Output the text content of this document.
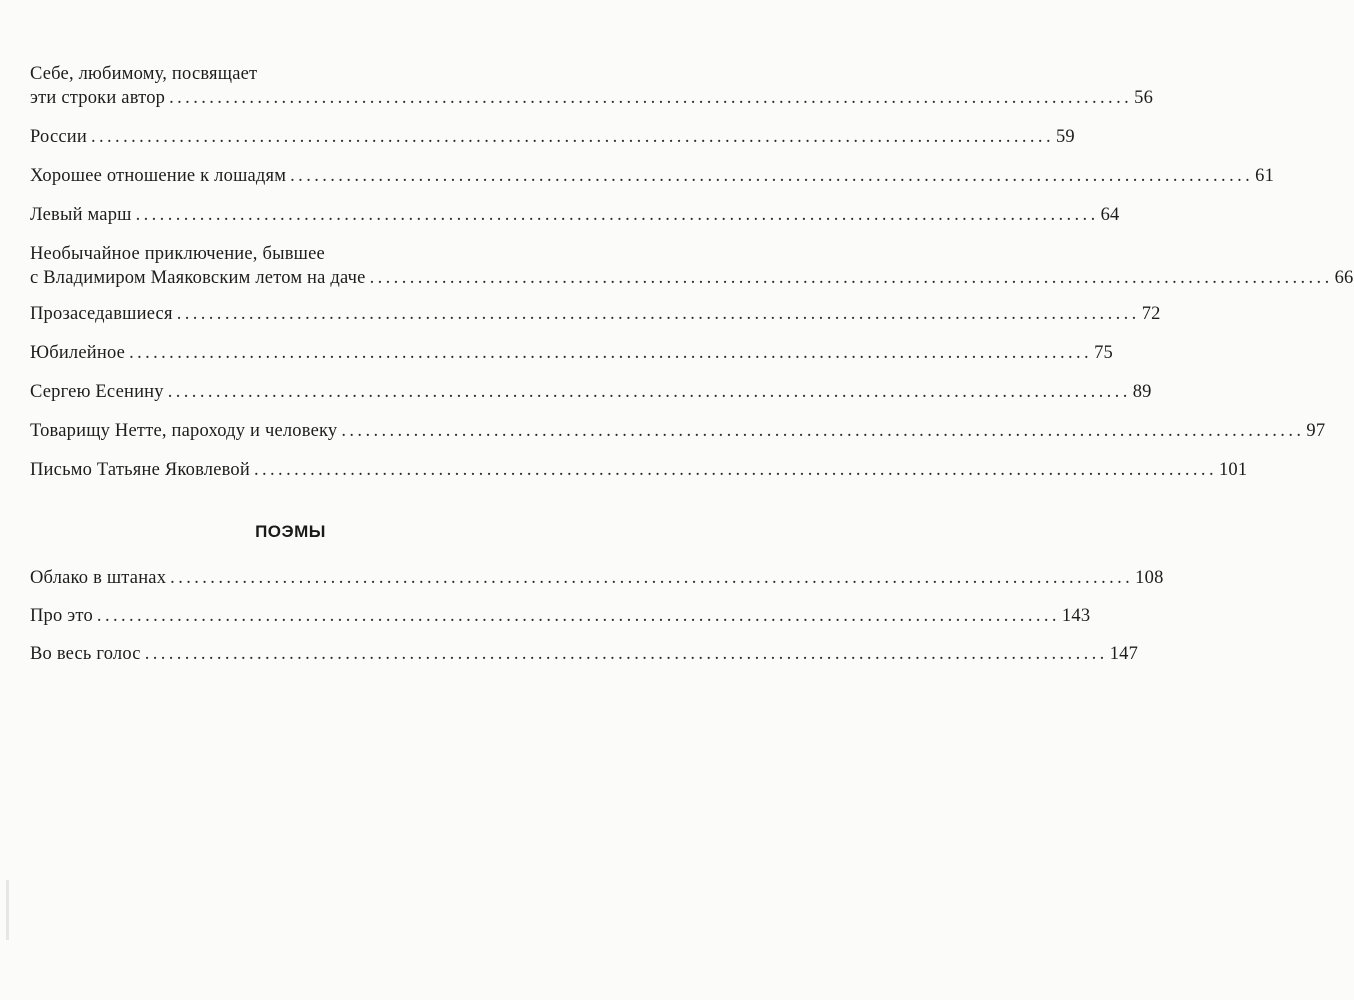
Себе, любимому, посвящает
эти строки автор ........................................................................................................................ 56
России ........................................................................................................................ 59
Хорошее отношение к лошадям ........................................................................................................................ 61
Левый марш ........................................................................................................................ 64
Необычайное приключение, бывшее
с Владимиром Маяковским летом на даче ........................................................................................................................ 66
Прозаседавшиеся ........................................................................................................................ 72
Юбилейное ........................................................................................................................ 75
Сергею Есенину ........................................................................................................................ 89
Товарищу Нетте, пароходу и человеку ........................................................................................................................ 97
Письмо Татьяне Яковлевой ........................................................................................................................ 101
ПОЭМЫ
Облако в штанах ........................................................................................................................ 108
Про это ........................................................................................................................ 143
Во весь голос ........................................................................................................................ 147
